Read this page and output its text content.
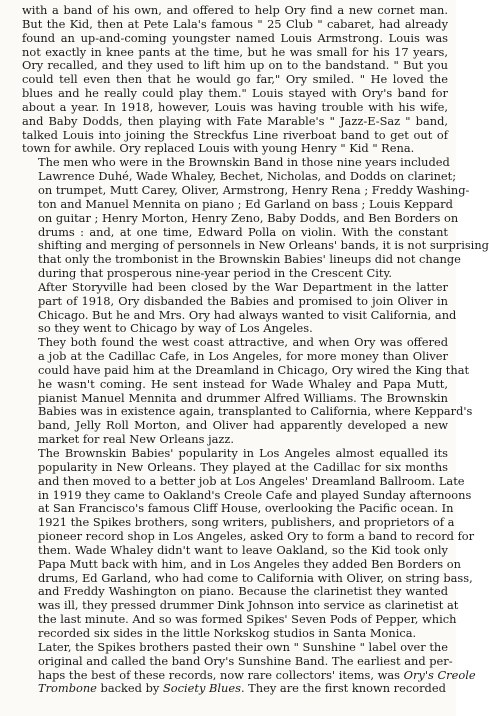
with a band of his own, and offered to help Ory find a new cornet man.
But the Kid, then at Pete Lala's famous " 25 Club " cabaret, had already
found an up-and-coming youngster named Louis Armstrong. Louis was
not exactly in knee pants at the time, but he was small for his 17 years,
Ory recalled, and they used to lift him up on to the bandstand. " But you
could tell even then that he would go far," Ory smiled. " He loved the
blues and he really could play them." Louis stayed with Ory's band for
about a year. In 1918, however, Louis was having trouble with his wife,
and Baby Dodds, then playing with Fate Marable's " Jazz-E-Saz " band,
talked Louis into joining the Streckfus Line riverboat band to get out of
town for awhile. Ory replaced Louis with young Henry " Kid " Rena.

The men who were in the Brownskin Band in those nine years included
Lawrence Duhé, Wade Whaley, Bechet, Nicholas, and Dodds on clarinet;
on trumpet, Mutt Carey, Oliver, Armstrong, Henry Rena ; Freddy Washing-
ton and Manuel Mennita on piano ; Ed Garland on bass ; Louis Keppard
on guitar ; Henry Morton, Henry Zeno, Baby Dodds, and Ben Borders on
drums : and, at one time, Edward Polla on violin. With the constant
shifting and merging of personnels in New Orleans' bands, it is not surprising
that only the trombonist in the Brownskin Babies' lineups did not change
during that prosperous nine-year period in the Crescent City.

After Storyville had been closed by the War Department in the latter
part of 1918, Ory disbanded the Babies and promised to join Oliver in
Chicago. But he and Mrs. Ory had always wanted to visit California, and
so they went to Chicago by way of Los Angeles.

They both found the west coast attractive, and when Ory was offered
a job at the Cadillac Cafe, in Los Angeles, for more money than Oliver
could have paid him at the Dreamland in Chicago, Ory wired the King that
he wasn't coming. He sent instead for Wade Whaley and Papa Mutt,
pianist Manuel Mennita and drummer Alfred Williams. The Brownskin
Babies was in existence again, transplanted to California, where Keppard's
band, Jelly Roll Morton, and Oliver had apparently developed a new
market for real New Orleans jazz.

The Brownskin Babies' popularity in Los Angeles almost equalled its
popularity in New Orleans. They played at the Cadillac for six months
and then moved to a better job at Los Angeles' Dreamland Ballroom. Late
in 1919 they came to Oakland's Creole Cafe and played Sunday afternoons
at San Francisco's famous Cliff House, overlooking the Pacific ocean. In
1921 the Spikes brothers, song writers, publishers, and proprietors of a
pioneer record shop in Los Angeles, asked Ory to form a band to record for
them. Wade Whaley didn't want to leave Oakland, so the Kid took only
Papa Mutt back with him, and in Los Angeles they added Ben Borders on
drums, Ed Garland, who had come to California with Oliver, on string bass,
and Freddy Washington on piano. Because the clarinetist they wanted
was ill, they pressed drummer Dink Johnson into service as clarinetist at
the last minute. And so was formed Spikes' Seven Pods of Pepper, which
recorded six sides in the little Norkskog studios in Santa Monica.

Later, the Spikes brothers pasted their own " Sunshine " label over the
original and called the band Ory's Sunshine Band. The earliest and per-
haps the best of these records, now rare collectors' items, was Ory's Creole
Trombone backed by Society Blues. They are the first known recorded
